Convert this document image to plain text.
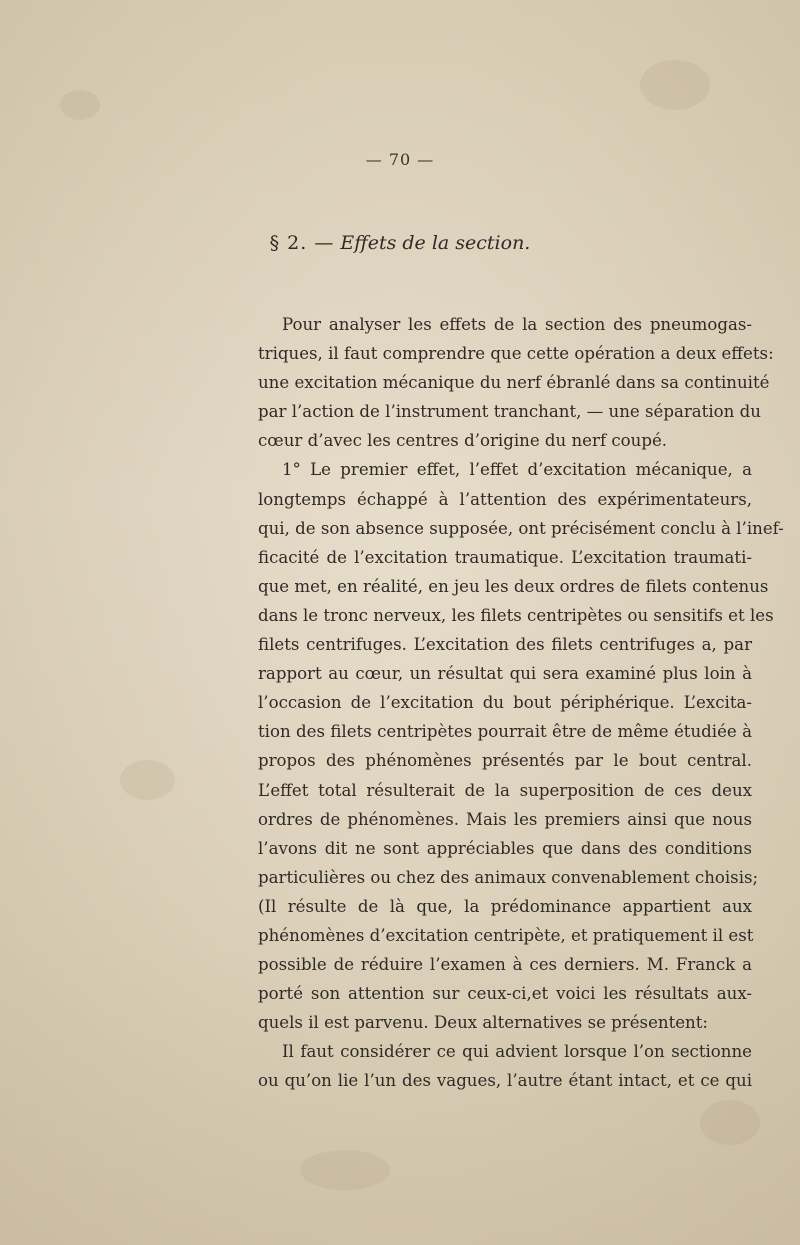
— 70 —
§ 2. — Effets de la section.
Pour analyser les effets de la section des pneumogas-
triques, il faut comprendre que cette opération a deux effets:
une excitation mécanique du nerf ébranlé dans sa continuité
par l’action de l’instrument tranchant, — une séparation du
cœur d’avec les centres d’origine du nerf coupé.
1° Le premier effet, l’effet d’excitation mécanique, a
longtemps échappé à l’attention des expérimentateurs,
qui, de son absence supposée, ont précisément conclu à l’inef-
ficacité de l’excitation traumatique. L’excitation traumati-
que met, en réalité, en jeu les deux ordres de filets contenus
dans le tronc nerveux, les filets centripètes ou sensitifs et les
filets centrifuges. L’excitation des filets centrifuges a, par
rapport au cœur, un résultat qui sera examiné plus loin à
l’occasion de l’excitation du bout périphérique. L’excita-
tion des filets centripètes pourrait être de même étudiée à
propos des phénomènes présentés par le bout central.
L’effet total résulterait de la superposition de ces deux
ordres de phénomènes. Mais les premiers ainsi que nous
l’avons dit ne sont appréciables que dans des conditions
particulières ou chez des animaux convenablement choisis;
(Il résulte de là que, la prédominance appartient aux
phénomènes d’excitation centripète, et pratiquement il est
possible de réduire l’examen à ces derniers. M. Franck a
porté son attention sur ceux-ci,et voici les résultats aux-
quels il est parvenu. Deux alternatives se présentent:
Il faut considérer ce qui advient lorsque l’on sectionne
ou qu’on lie l’un des vagues, l’autre étant intact, et ce qui
